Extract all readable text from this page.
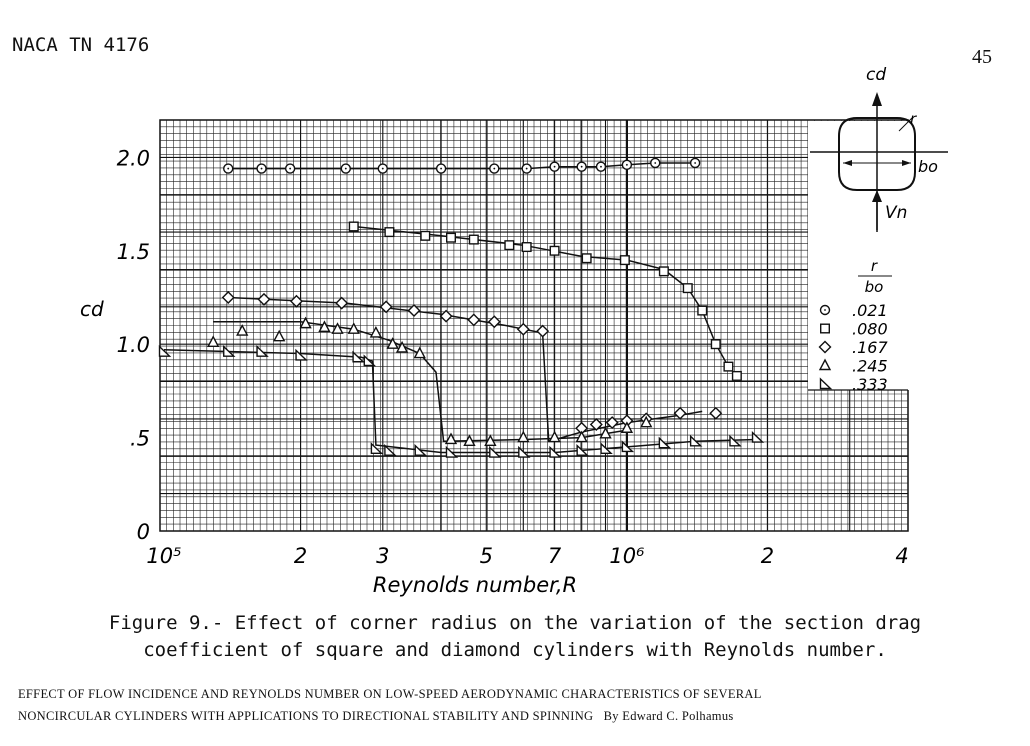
NACA TN 4176
45
10⁵	2	3	5	7 10⁶	2	4
0
.5
1.0
1.5
2.0
Reynolds number,R
cd
r
bo
.021
.080
.167
.245
.333
cd
r
bo
Vn
Figure 9.- Effect of corner radius on the variation of the section drag
coefficient of square and diamond cylinders with Reynolds number.
EFFECT OF FLOW INCIDENCE AND REYNOLDS NUMBER ON LOW-SPEED AERODYNAMIC CHARACTERISTICS OF SEVERAL
NONCIRCULAR CYLINDERS WITH APPLICATIONS TO DIRECTIONAL STABILITY AND SPINNING By Edward C. Polhamus
